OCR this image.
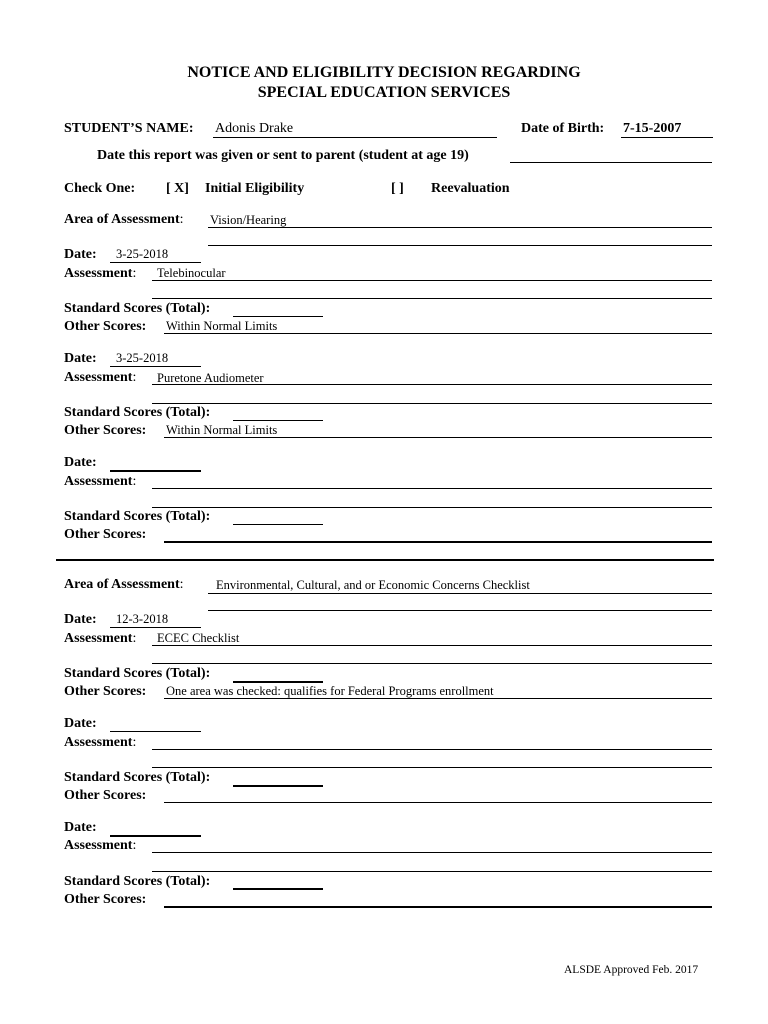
NOTICE AND ELIGIBILITY DECISION REGARDING
SPECIAL EDUCATION SERVICES
STUDENT’S NAME: Adonis Drake	Date of Birth: 7-15-2007
Date this report was given or sent to parent (student at age 19)
Check One: [ X] Initial Eligibility	[ ] Reevaluation
Area of Assessment: Vision/Hearing
Date: 3-25-2018
Assessment: Telebinocular
Standard Scores (Total):
Other Scores: Within Normal Limits
Date: 3-25-2018
Assessment: Puretone Audiometer
Standard Scores (Total):
Other Scores: Within Normal Limits
Date:
Assessment:
Standard Scores (Total):
Other Scores:
Area of Assessment:	Environmental, Cultural, and or Economic Concerns Checklist
Date: 12-3-2018
Assessment: ECEC Checklist
Standard Scores (Total):
Other Scores: One area was checked: qualifies for Federal Programs enrollment
Date:
Assessment:
Standard Scores (Total):
Other Scores:
Date:
Assessment:
Standard Scores (Total):
Other Scores:
ALSDE Approved Feb. 2017
